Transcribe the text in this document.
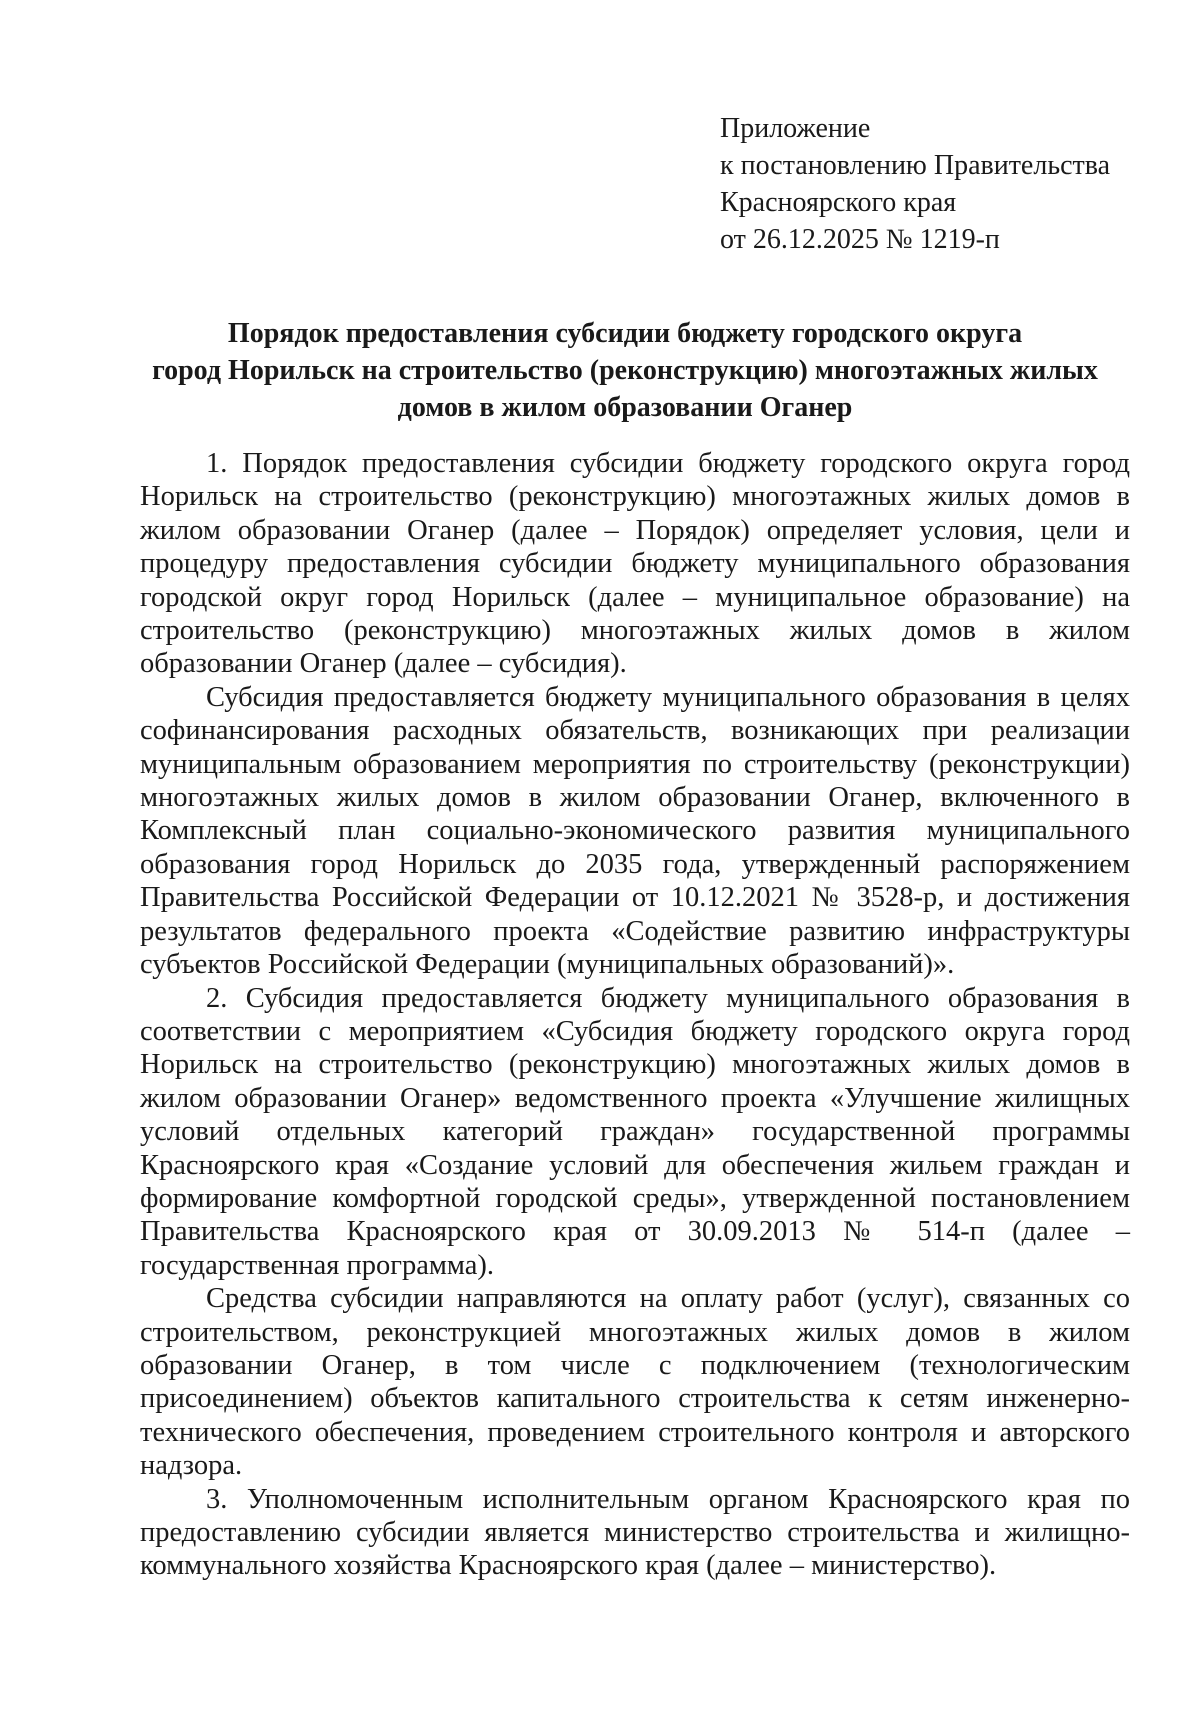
Приложение
к постановлению Правительства
Красноярского края
от 26.12.2025 № 1219-п
Порядок предоставления субсидии бюджету городского округа
город Норильск на строительство (реконструкцию) многоэтажных жилых
домов в жилом образовании Оганер

1. Порядок предоставления субсидии бюджету городского округа город Норильск на строительство (реконструкцию) многоэтажных жилых домов в жилом образовании Оганер (далее – Порядок) определяет условия, цели и процедуру предоставления субсидии бюджету муниципального образования городской округ город Норильск (далее – муниципальное образование) на строительство (реконструкцию) многоэтажных жилых домов в жилом образовании Оганер (далее – субсидия).

Субсидия предоставляется бюджету муниципального образования в целях софинансирования расходных обязательств, возникающих при реализации муниципальным образованием мероприятия по строительству (реконструкции) многоэтажных жилых домов в жилом образовании Оганер, включенного в Комплексный план социально-экономического развития муниципального образования город Норильск до 2035 года, утвержденный распоряжением Правительства Российской Федерации от 10.12.2021 № 3528-р, и достижения результатов федерального проекта «Содействие развитию инфраструктуры субъектов Российской Федерации (муниципальных образований)».

2. Субсидия предоставляется бюджету муниципального образования в соответствии с мероприятием «Субсидия бюджету городского округа город Норильск на строительство (реконструкцию) многоэтажных жилых домов в жилом образовании Оганер» ведомственного проекта «Улучшение жилищных условий отдельных категорий граждан» государственной программы Красноярского края «Создание условий для обеспечения жильем граждан и формирование комфортной городской среды», утвержденной постановлением Правительства Красноярского края от 30.09.2013 № 514-п (далее – государственная программа).

Средства субсидии направляются на оплату работ (услуг), связанных со строительством, реконструкцией многоэтажных жилых домов в жилом образовании Оганер, в том числе с подключением (технологическим присоединением) объектов капитального строительства к сетям инженерно-технического обеспечения, проведением строительного контроля и авторского надзора.

3. Уполномоченным исполнительным органом Красноярского края по предоставлению субсидии является министерство строительства и жилищно-коммунального хозяйства Красноярского края (далее – министерство).
